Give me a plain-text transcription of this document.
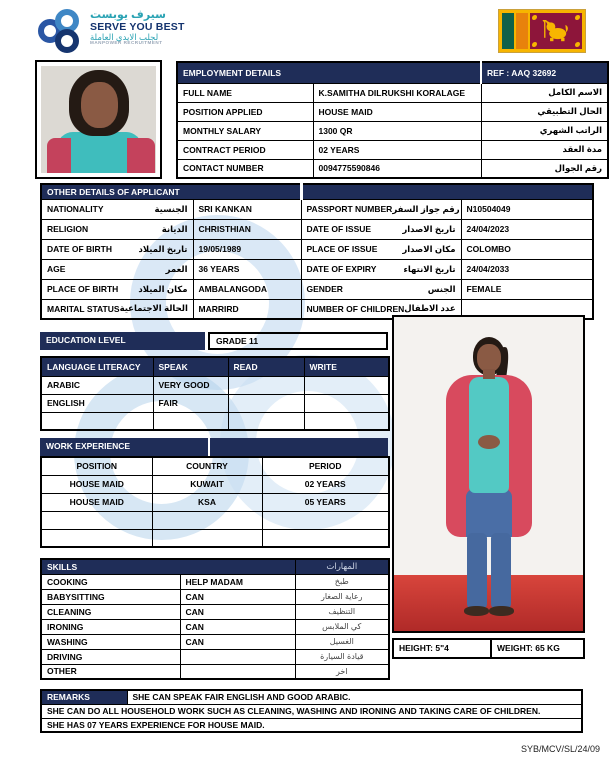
سيرف يوبست
SERVE YOU BEST
لجلب الايدي العاملة
MANPOWER RECRUITMENT
EMPLOYMENT DETAILS		REF : AAQ 32692
FULL NAME	K.SAMITHA DILRUKSHI KORALAGE	الاسم الكامل
POSITION APPLIED	HOUSE MAID	الحال التطبيقي
MONTHLY SALARY	1300 QR	الراتب الشهري
CONTRACT PERIOD	02 YEARS	مدة العقد
CONTACT NUMBER	0094775590846	رقم الجوال
OTHER DETAILS OF APPLICANT			

NATIONALITY الجنسية	SRI KANKAN	PASSPORT NUMBER رقم جواز السفر	N10504049

RELIGION الديانة	CHRISTHIAN	DATE OF ISSUE تاريخ الاصدار	24/04/2023

DATE OF BIRTH تاريخ الميلاد	19/05/1989	PLACE OF ISSUE مكان الاصدار	COLOMBO

AGE العمر	36 YEARS	DATE OF EXPIRY تاريخ الانتهاء	24/04/2033

PLACE OF BIRTH مكان الميلاد	AMBALANGODA	GENDER الجنس	FEMALE

MARITAL STATUS الحالة الاجتماعية	MARRIRD	NUMBER OF CHILDREN عدد الاطفال	

EDUCATION LEVEL	GRADE 11
LANGUAGE LITERACY	SPEAK	READ	WRITE
ARABIC	VERY GOOD		
ENGLISH	FAIR		

WORK EXPERIENCE
POSITION	COUNTRY	PERIOD
HOUSE MAID	KUWAIT	02 YEARS
HOUSE MAID	KSA	05 YEARS

SKILLS		المهارات
COOKING	HELP MADAM	طبخ
BABYSITTING	CAN	رعاية الصغار
CLEANING	CAN	التنظيف
IRONING	CAN	كي الملابس
WASHING	CAN	الغسيل
DRIVING		قيادة السيارة
OTHER		اخر
HEIGHT: 5"4	WEIGHT: 65 KG
REMARKS	SHE CAN SPEAK FAIR ENGLISH AND GOOD ARABIC.
SHE CAN DO ALL HOUSEHOLD WORK SUCH AS CLEANING, WASHING AND IRONING AND TAKING CARE OF CHILDREN.
SHE HAS 07 YEARS EXPERIENCE FOR HOUSE MAID.
SYB/MCV/SL/24/09
